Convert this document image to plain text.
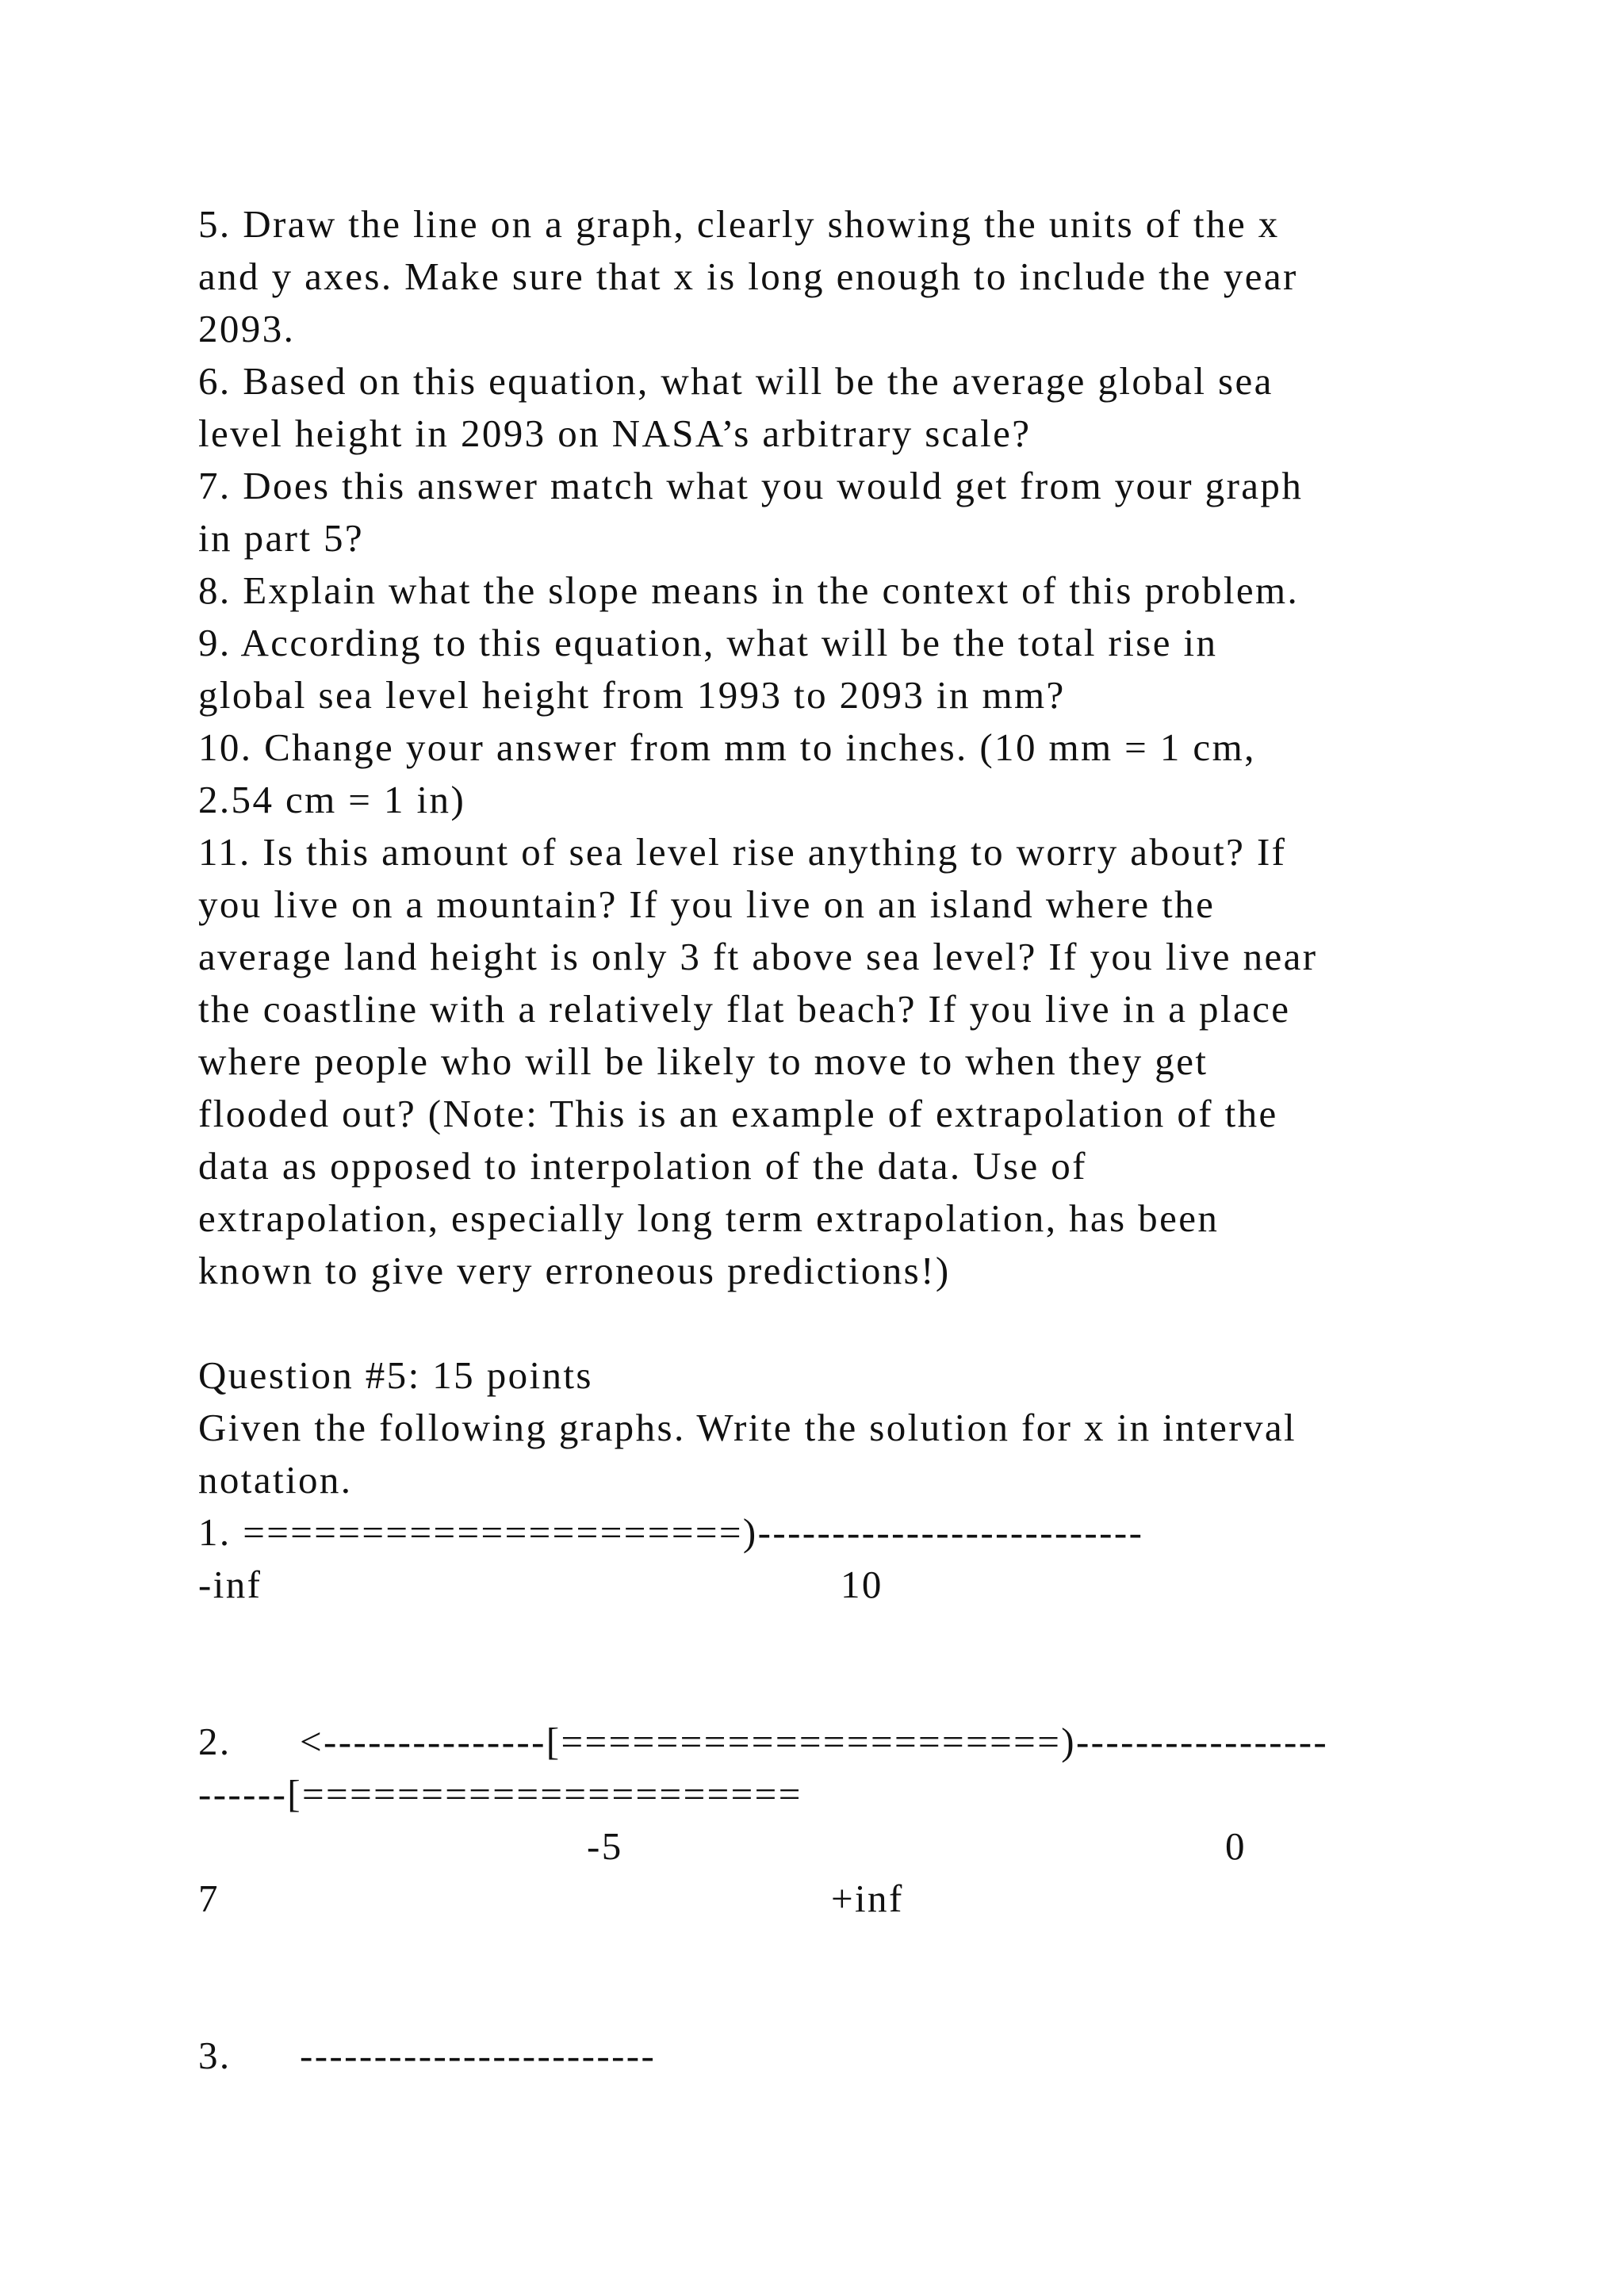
5. Draw the line on a graph, clearly showing the units of the x
and y axes. Make sure that x is long enough to include the year
2093.
6. Based on this equation, what will be the average global sea
level height in 2093 on NASA’s arbitrary scale?
7. Does this answer match what you would get from your graph
in part 5?
8. Explain what the slope means in the context of this problem.
9. According to this equation, what will be the total rise in
global sea level height from 1993 to 2093 in mm?
10. Change your answer from mm to inches. (10 mm = 1 cm,
2.54 cm = 1 in)
11. Is this amount of sea level rise anything to worry about? If
you live on a mountain? If you live on an island where the
average land height is only 3 ft above sea level? If you live near
the coastline with a relatively flat beach? If you live in a place
where people who will be likely to move to when they get
flooded out? (Note: This is an example of extrapolation of the
data as opposed to interpolation of the data. Use of
extrapolation, especially long term extrapolation, has been
known to give very erroneous predictions!)
Question #5: 15 points
Given the following graphs. Write the solution for x in interval
notation.
1. =====================)--------------------------
-inf	10
2. <---------------[=====================)-----------------
------[=====================
-5	0
7	+inf
3. ------------------------
